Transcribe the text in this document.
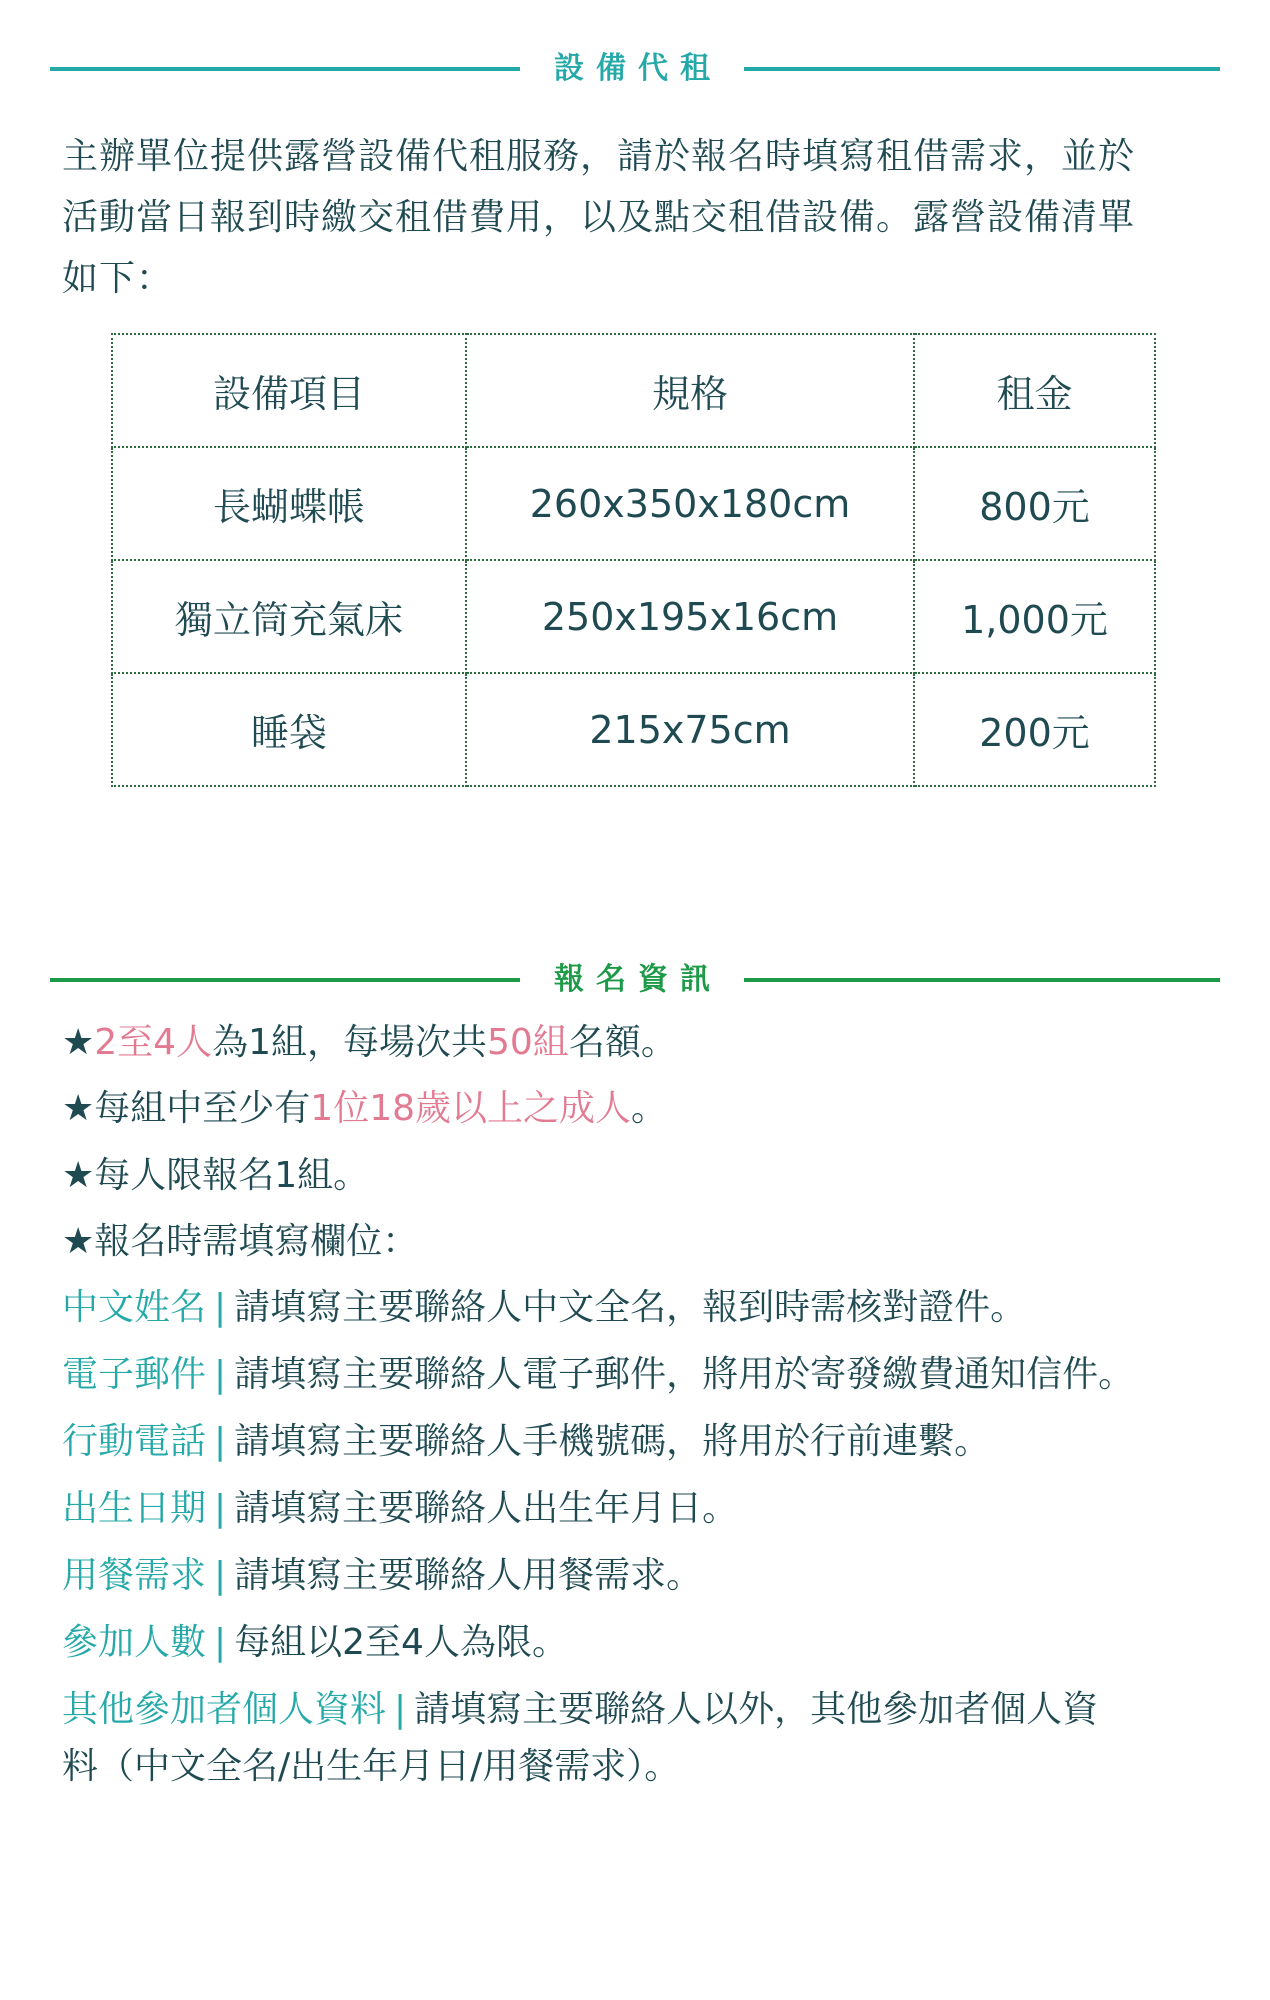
設備代租
主辦單位提供露營設備代租服務，請於報名時填寫租借需求，並於
活動當日報到時繳交租借費用，以及點交租借設備。露營設備清單
如下：
設備項目	規格	租金
長蝴蝶帳	260x350x180cm	800元
獨立筒充氣床	250x195x16cm	1,000元
睡袋	215x75cm	200元
報名資訊
★2至4人為1組，每場次共50組名額。
★每組中至少有1位18歲以上之成人。
★每人限報名1組。
★報名時需填寫欄位：
中文姓名 | 請填寫主要聯絡人中文全名，報到時需核對證件。
電子郵件 | 請填寫主要聯絡人電子郵件，將用於寄發繳費通知信件。
行動電話 | 請填寫主要聯絡人手機號碼，將用於行前連繫。
出生日期 | 請填寫主要聯絡人出生年月日。
用餐需求 | 請填寫主要聯絡人用餐需求。
參加人數 | 每組以2至4人為限。
其他參加者個人資料 | 請填寫主要聯絡人以外，其他參加者個人資
料（中文全名/出生年月日/用餐需求）。
